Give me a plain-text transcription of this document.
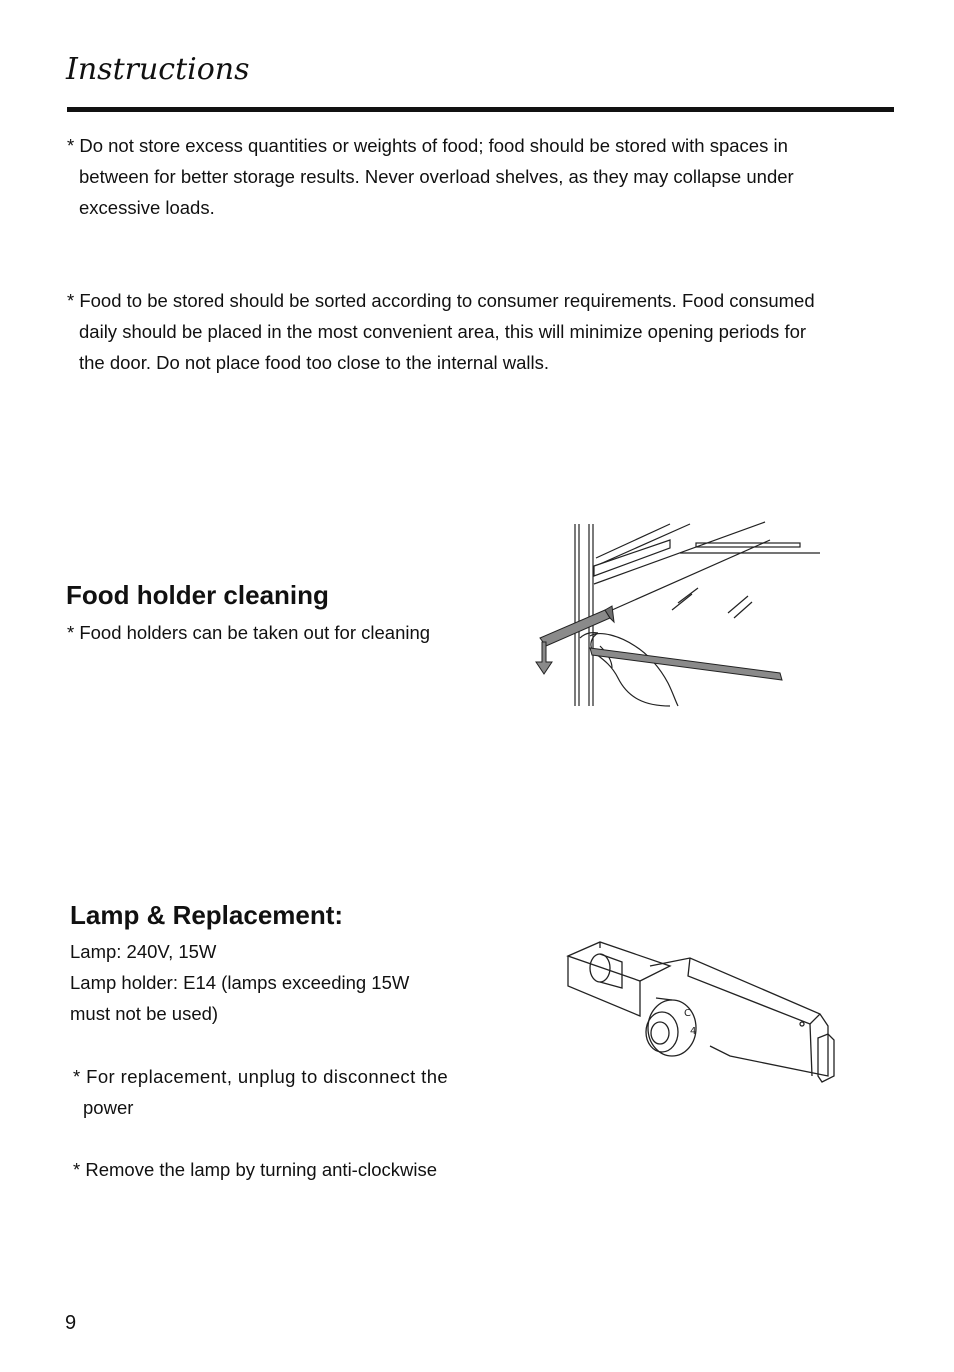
Instructions
* Do not store excess quantities or weights of food; food should be stored with spaces in
between for better storage results. Never overload shelves, as they may collapse under
excessive loads.
* Food to be stored should be sorted according to consumer requirements. Food consumed
daily should be placed in the most convenient area, this will minimize opening periods for
the door. Do not place food too close to the internal walls.
Food holder cleaning
* Food holders can be taken out for cleaning
Lamp & Replacement:
Lamp: 240V, 15W
Lamp holder: E14 (lamps exceeding 15W
must not be used)
* For replacement, unplug to disconnect the
power
* Remove the lamp by turning anti-clockwise
C
4
9
